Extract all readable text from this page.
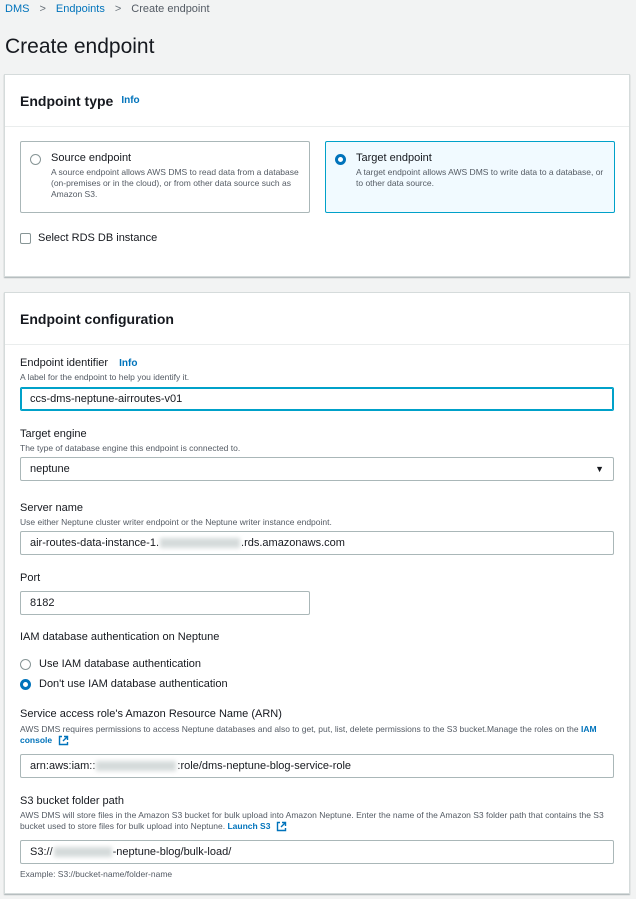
DMS > Endpoints > Create endpoint
Create endpoint
Endpoint type Info
Source endpoint
A source endpoint allows AWS DMS to read data from a database (on-premises or in the cloud), or from other data source such as Amazon S3.
Target endpoint
A target endpoint allows AWS DMS to write data to a database, or to other data source.
Select RDS DB instance
Endpoint configuration
Endpoint identifier Info
A label for the endpoint to help you identify it.
ccs-dms-neptune-airroutes-v01
Target engine
The type of database engine this endpoint is connected to.
neptune	▼
Server name
Use either Neptune cluster writer endpoint or the Neptune writer instance endpoint.
air-routes-data-instance-1.	.rds.amazonaws.com
Port
8182
IAM database authentication on Neptune
Use IAM database authentication
Don't use IAM database authentication
Service access role's Amazon Resource Name (ARN)
AWS DMS requires permissions to access Neptune databases and also to get, put, list, delete permissions to the S3 bucket.Manage the roles on the IAM console
arn:aws:iam::	:role/dms-neptune-blog-service-role
S3 bucket folder path
AWS DMS will store files in the Amazon S3 bucket for bulk upload into Amazon Neptune. Enter the name of the Amazon S3 folder path that contains the S3 bucket used to store files for bulk upload into Neptune. Launch S3
S3://	-neptune-blog/bulk-load/
Example: S3://bucket-name/folder-name
